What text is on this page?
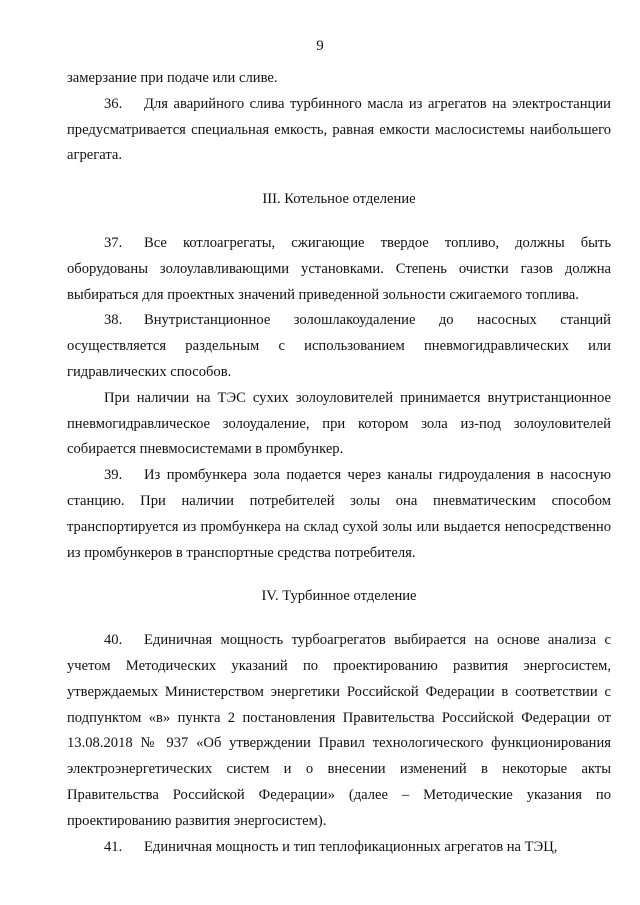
9

замерзание при подаче или сливе.

36. Для аварийного слива турбинного масла из агрегатов на электростанции предусматривается специальная емкость, равная емкости маслосистемы наибольшего агрегата.

III. Котельное отделение

37. Все котлоагрегаты, сжигающие твердое топливо, должны быть оборудованы золоулавливающими установками. Степень очистки газов должна выбираться для проектных значений приведенной зольности сжигаемого топлива.

38. Внутристанционное золошлакоудаление до насосных станций осуществляется раздельным с использованием пневмогидравлических или гидравлических способов.

При наличии на ТЭС сухих золоуловителей принимается внутристанционное пневмогидравлическое золоудаление, при котором зола из-под золоуловителей собирается пневмосистемами в промбункер.

39. Из промбункера зола подается через каналы гидроудаления в насосную станцию. При наличии потребителей золы она пневматическим способом транспортируется из промбункера на склад сухой золы или выдается непосредственно из промбункеров в транспортные средства потребителя.

IV. Турбинное отделение

40. Единичная мощность турбоагрегатов выбирается на основе анализа с учетом Методических указаний по проектированию развития энергосистем, утверждаемых Министерством энергетики Российской Федерации в соответствии с подпунктом «в» пункта 2 постановления Правительства Российской Федерации от 13.08.2018 № 937 «Об утверждении Правил технологического функционирования электроэнергетических систем и о внесении изменений в некоторые акты Правительства Российской Федерации» (далее – Методические указания по проектированию развития энергосистем).

41. Единичная мощность и тип теплофикационных агрегатов на ТЭЦ,
